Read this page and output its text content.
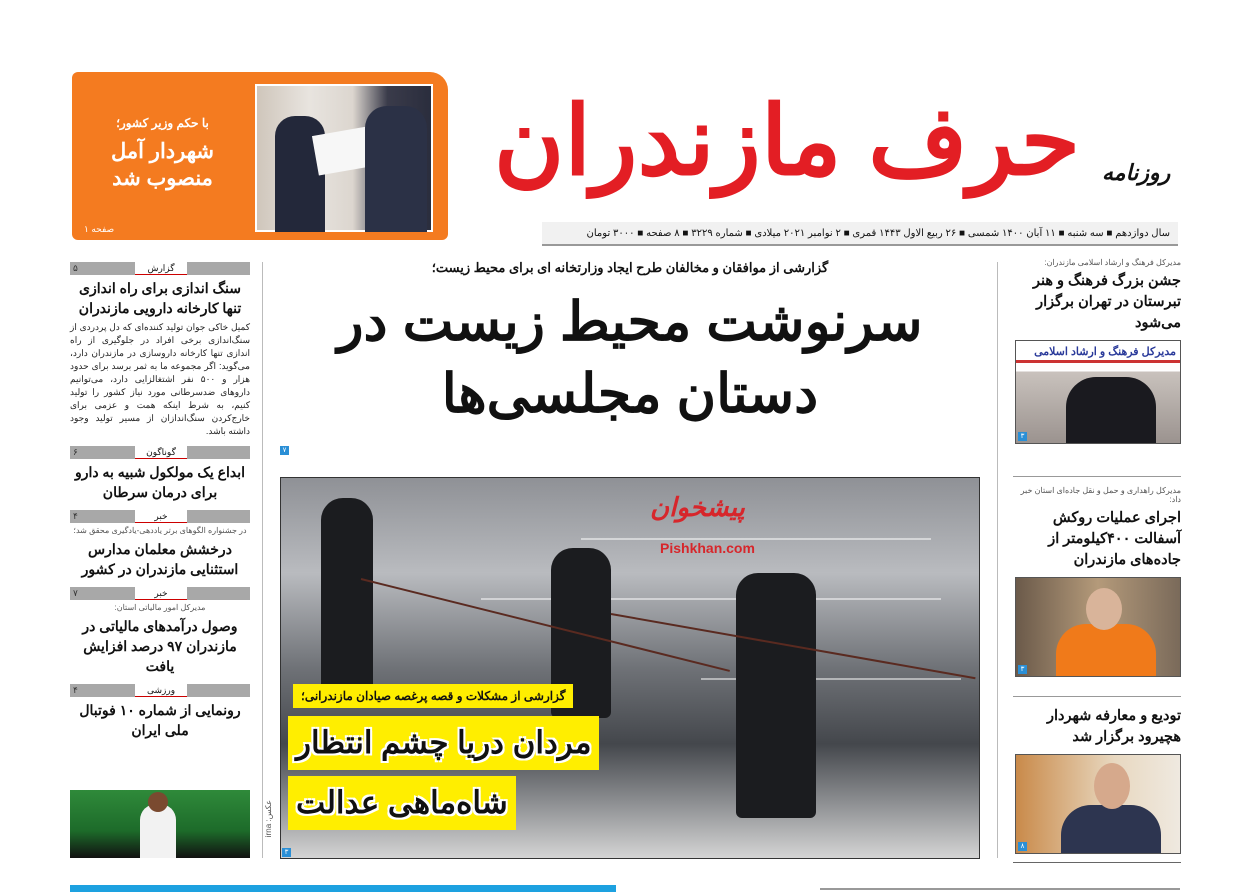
با حکم وزیر کشور؛
شهردار آمل منصوب شد
صفحه ۱
حرف مازندران روزنامه
سال دوازدهم ■ سه شنبه ■ ۱۱ آبان ۱۴۰۰ شمسی ■ ۲۶ ربیع الاول ۱۴۴۳ قمری ■ ۲ نوامبر ۲۰۲۱ میلادی ■ شماره ۳۲۲۹ ■ ۸ صفحه ■ ۳۰۰۰ تومان
گزارش
۵
سنگ اندازی برای راه اندازی تنها کارخانه دارویی مازندران
کمیل خاکی جوان تولید کننده‌ای که دل پردردی از سنگ‌اندازی برخی افراد در جلوگیری از راه اندازی تنها کارخانه داروسازی در مازندران دارد، می‌گوید: اگر مجموعه ما به ثمر برسد برای حدود هزار و ۵۰۰ نفر اشتغالزایی دارد، می‌توانیم داروهای ضدسرطانی مورد نیاز کشور را تولید کنیم، به شرط اینکه همت و عزمی برای خارج‌کردن سنگ‌اندازان از مسیر تولید وجود داشته باشد.
گوناگون
۶
ابداع یک مولکول شبیه به دارو برای درمان سرطان
خبر
۴
در جشنواره الگوهای برتر یاددهی-یادگیری محقق شد؛
درخشش معلمان مدارس استثنایی مازندران در کشور
خبر
۷
مدیرکل امور مالیاتی استان:
وصول درآمدهای مالیاتی در مازندران ۹۷ درصد افزایش یافت
ورزشی
۴
رونمایی از شماره ۱۰ فوتبال ملی ایران
گزارشی از موافقان و مخالفان طرح ایجاد وزارتخانه ای برای محیط زیست؛
سرنوشت محیط زیست در
دستان مجلسی‌ها
۷
پیشخوان
Pishkhan.com
گزارشی از مشکلات و قصه پرغصه صیادان مازندرانی؛
مردان دریا چشم انتظار
شاه‌ماهی عدالت
عکس: irna
۳
مدیرکل فرهنگ و ارشاد اسلامی مازندران:
جشن بزرگ فرهنگ و هنر تبرستان در تهران برگزار می‌شود
مدیرکل فرهنگ و ارشاد اسلامی
۳
مدیرکل راهداری و حمل و نقل جاده‌ای استان خبر داد:
اجرای عملیات روکش آسفالت ۴۰۰کیلومتر از جاده‌های مازندران
۳
تودیع و معارفه شهردار هچیرود برگزار شد
۸
